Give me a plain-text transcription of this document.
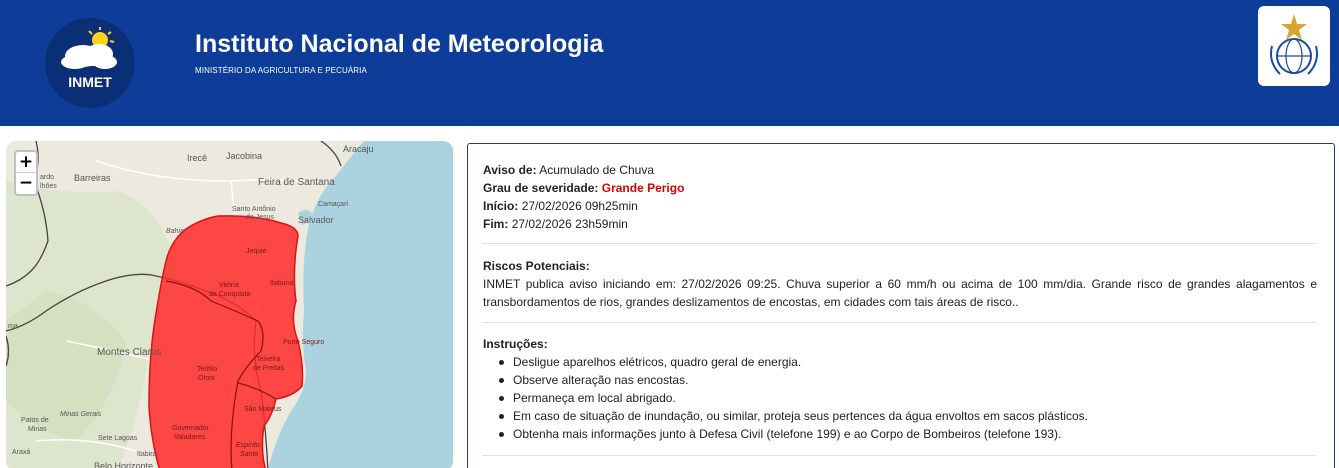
INMET
Instituto Nacional de Meteorologia
MINISTÉRIO DA AGRICULTURA E PECUÁRIA
Aracaju
Irecê Jacobina
Feira de Santana
Barreiras
Santo Antônio
de Jesus
Camaçari
Salvador
Bahia
Jequié
Vitória
da Conquista
Itabuna
Montes Claros
Porto Seguro
Teixeira
de Freitas
Teófilo
Otoni
São Mateus
Minas Gerais
Patos de
Minas
Sete Lagoas
Governador
Valadares
Espírito
Santo
Araxá	Itabira
Belo Horizonte
ardo
lhões
ma
+
−
Aviso de: Acumulado de Chuva
Grau de severidade: Grande Perigo
Início: 27/02/2026 09h25min
Fim: 27/02/2026 23h59min
Riscos Potenciais:
INMET publica aviso iniciando em: 27/02/2026 09:25. Chuva superior a 60 mm/h ou acima de 100 mm/dia. Grande risco de grandes alagamentos e transbordamentos de rios, grandes deslizamentos de encostas, em cidades com tais áreas de risco..
Instruções:
Desligue aparelhos elétricos, quadro geral de energia.
Observe alteração nas encostas.
Permaneça em local abrigado.
Em caso de situação de inundação, ou similar, proteja seus pertences da água envoltos em sacos plásticos.
Obtenha mais informações junto à Defesa Civil (telefone 199) e ao Corpo de Bombeiros (telefone 193).
